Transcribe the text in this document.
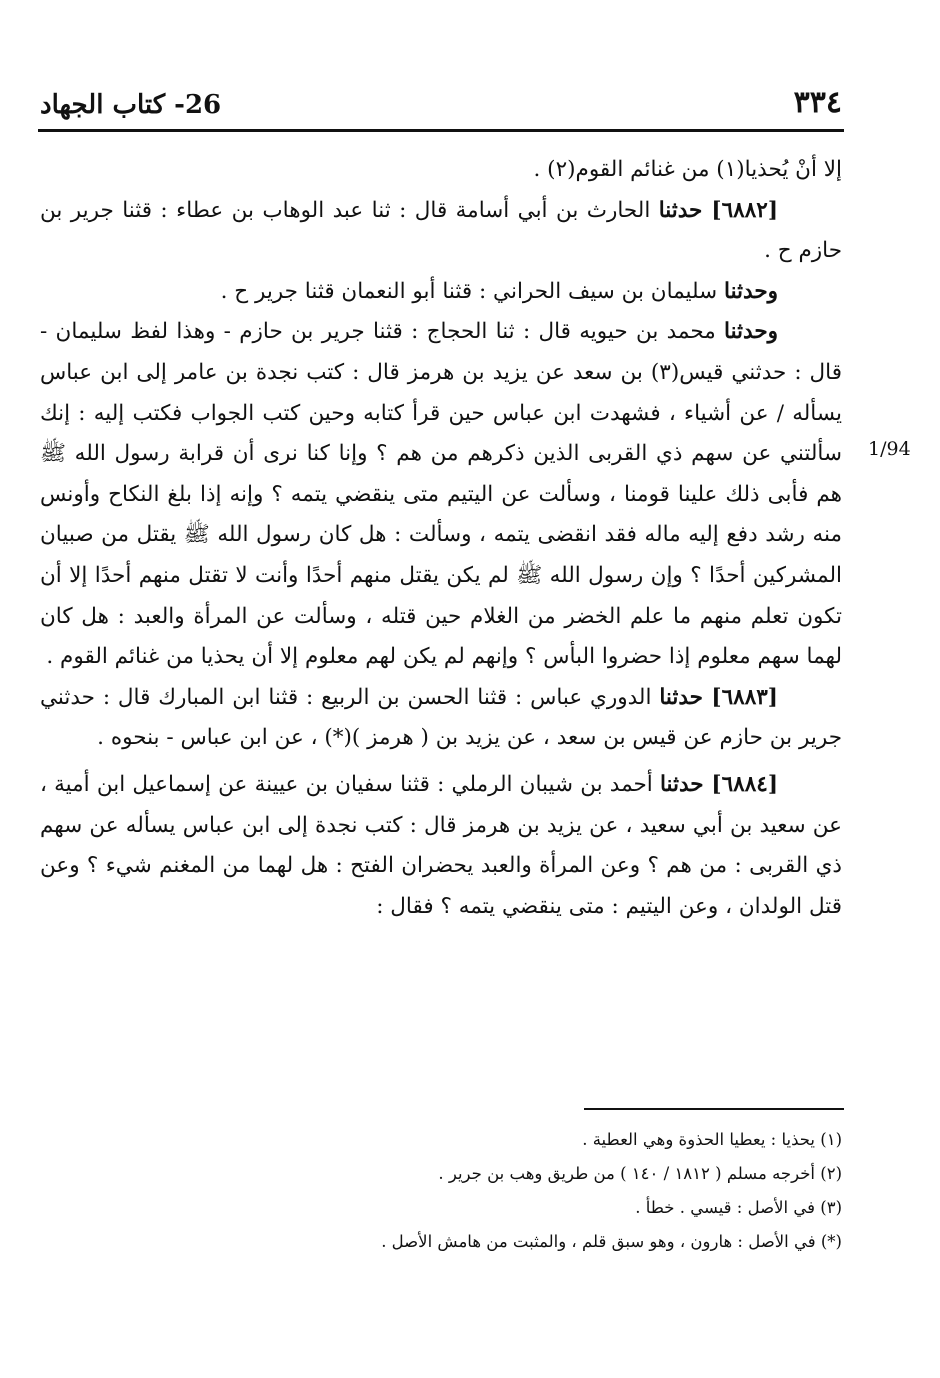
26- كتاب الجهاد	٣٣٤
1/94

إلا أنْ يُحذيا(١) من غنائم القوم(٢) .

[٦٨٨٢] حدثنا الحارث بن أبي أسامة قال : ثنا عبد الوهاب بن عطاء : قثنا جرير بن حازم ح .

وحدثنا سليمان بن سيف الحراني : قثنا أبو النعمان قثنا جرير ح .

وحدثنا محمد بن حيويه قال : ثنا الحجاج : قثنا جرير بن حازم - وهذا لفظ سليمان - قال : حدثني قيس(٣) بن سعد عن يزيد بن هرمز قال : كتب نجدة بن عامر إلى ابن عباس يسأله / عن أشياء ، فشهدت ابن عباس حين قرأ كتابه وحين كتب الجواب فكتب إليه : إنك سألتني عن سهم ذي القربى الذين ذكرهم من هم ؟ وإنا كنا نرى أن قرابة رسول الله ﷺ هم فأبى ذلك علينا قومنا ، وسألت عن اليتيم متى ينقضي يتمه ؟ وإنه إذا بلغ النكاح وأونس منه رشد دفع إليه ماله فقد انقضى يتمه ، وسألت : هل كان رسول الله ﷺ يقتل من صبيان المشركين أحدًا ؟ وإن رسول الله ﷺ لم يكن يقتل منهم أحدًا وأنت لا تقتل منهم أحدًا إلا أن تكون تعلم منهم ما علم الخضر من الغلام حين قتله ، وسألت عن المرأة والعبد : هل كان لهما سهم معلوم إذا حضروا البأس ؟ وإنهم لم يكن لهم معلوم إلا أن يحذيا من غنائم القوم .

[٦٨٨٣] حدثنا الدوري عباس : قثنا الحسن بن الربيع : قثنا ابن المبارك قال : حدثني جرير بن حازم عن قيس بن سعد ، عن يزيد بن ( هرمز )(*) ، عن ابن عباس - بنحوه .

[٦٨٨٤] حدثنا أحمد بن شيبان الرملي : قثنا سفيان بن عيينة عن إسماعيل ابن أمية ، عن سعيد بن أبي سعيد ، عن يزيد بن هرمز قال : كتب نجدة إلى ابن عباس يسأله عن سهم ذي القربى : من هم ؟ وعن المرأة والعبد يحضران الفتح : هل لهما من المغنم شيء ؟ وعن قتل الولدان ، وعن اليتيم : متى ينقضي يتمه ؟ فقال :

(١) يحذيا : يعطيا الحذوة وهي العطية .
(٢) أخرجه مسلم ( ١٨١٢ / ١٤٠ ) من طريق وهب بن جرير .
(٣) في الأصل : قيسي . خطأ .
(*) في الأصل : هارون ، وهو سبق قلم ، والمثبت من هامش الأصل .
